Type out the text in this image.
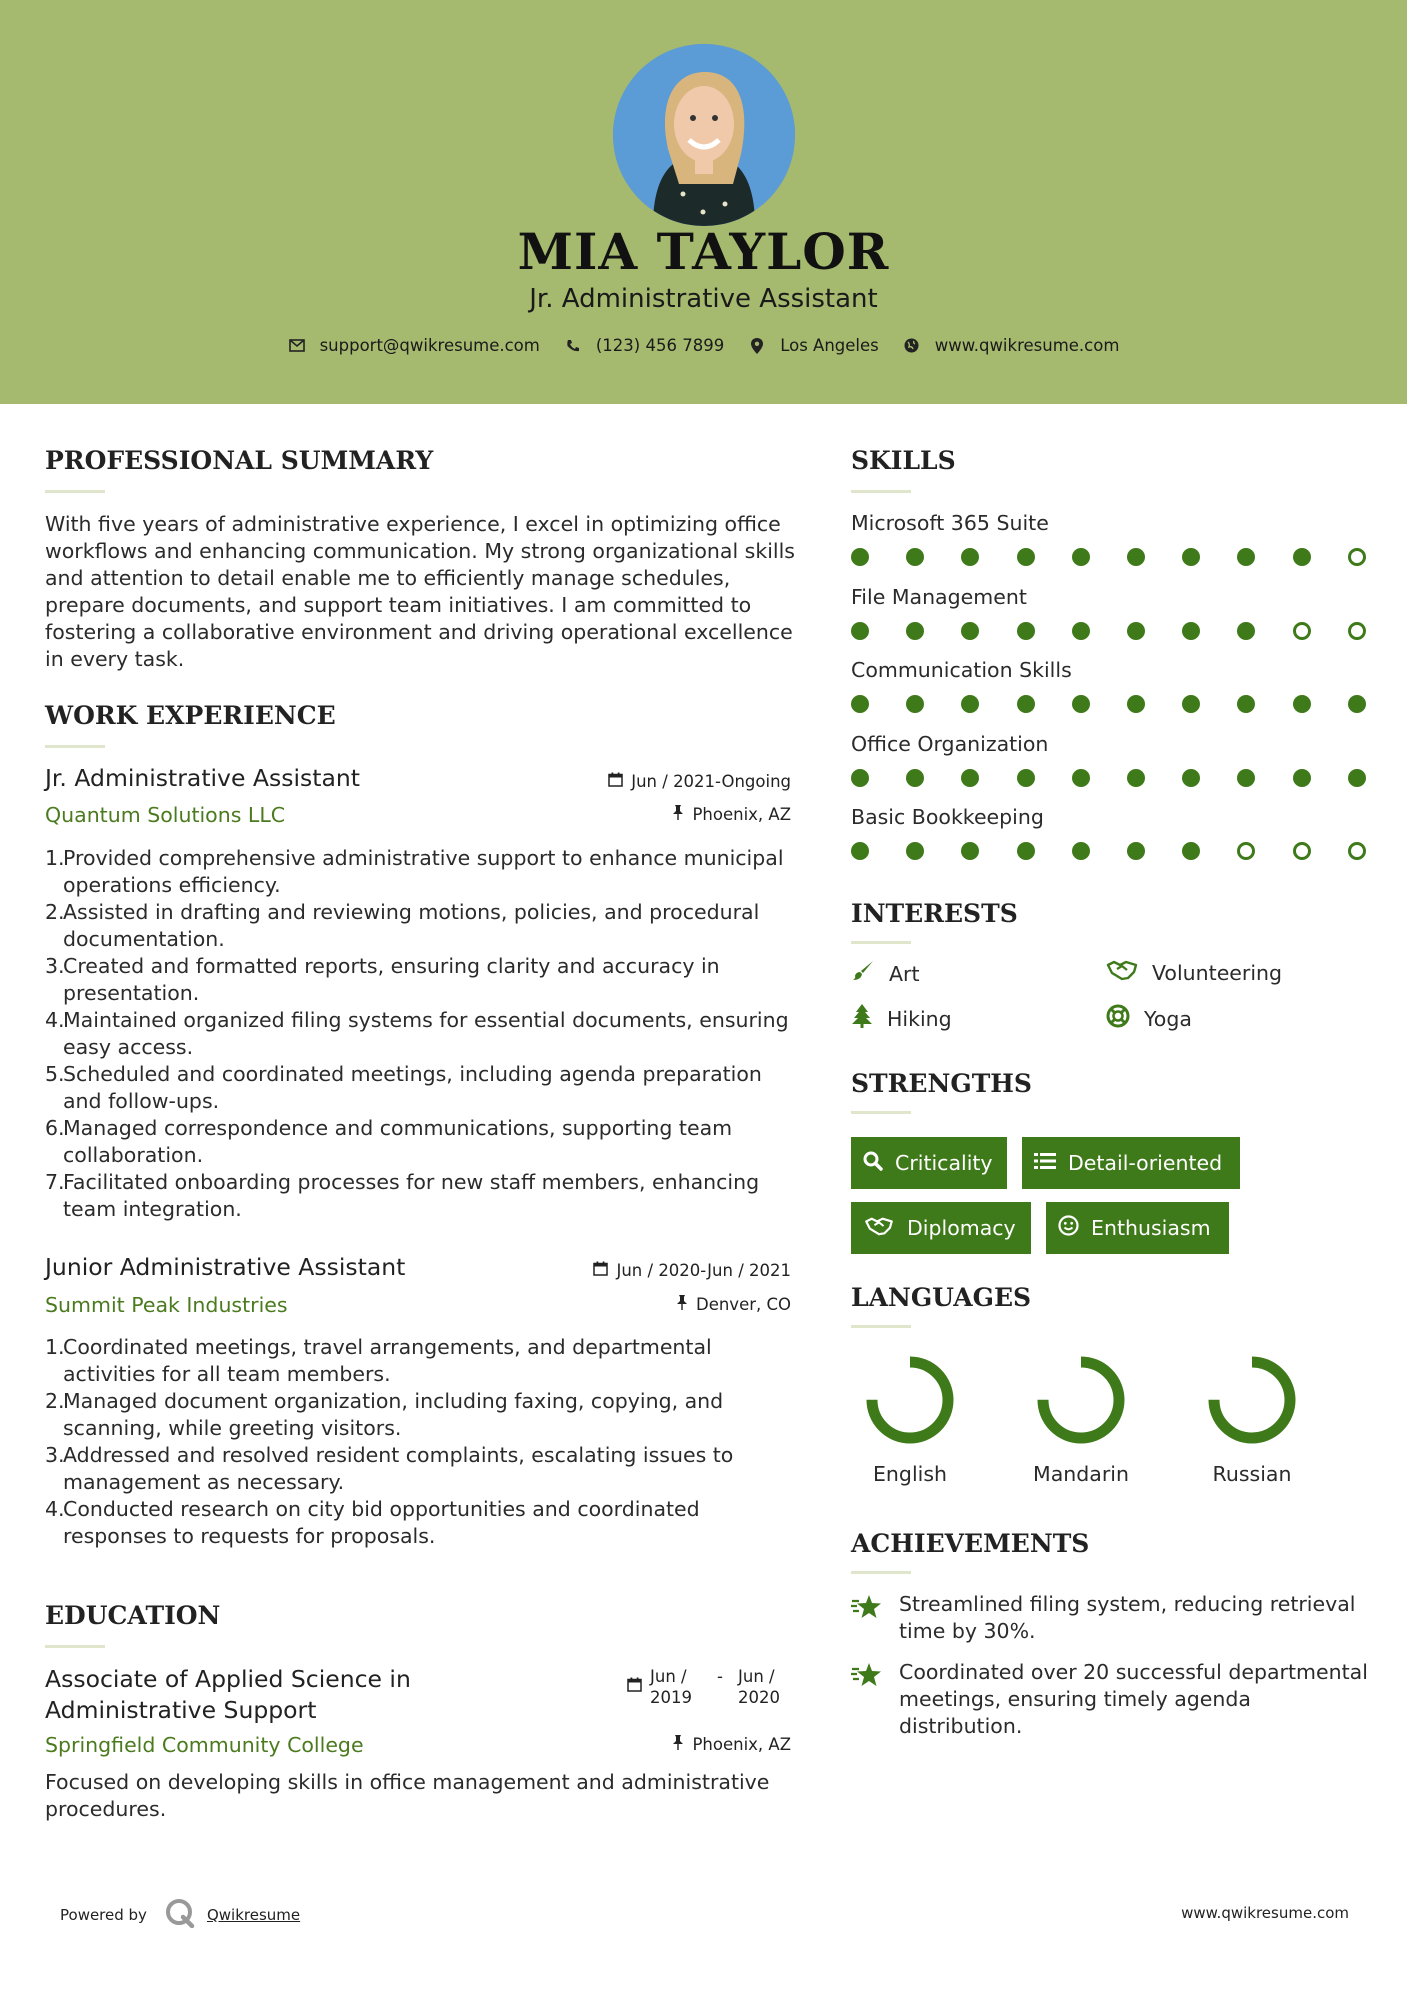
MIA TAYLOR
Jr. Administrative Assistant
support@qwikresume.com	(123) 456 7899	Los Angeles	www.qwikresume.com
PROFESSIONAL SUMMARY
With five years of administrative experience, I excel in optimizing office workflows and enhancing communication. My strong organizational skills and attention to detail enable me to efficiently manage schedules, prepare documents, and support team initiatives. I am committed to fostering a collaborative environment and driving operational excellence in every task.
WORK EXPERIENCE
Jr. Administrative Assistant	Jun / 2021-Ongoing
Quantum Solutions LLC	Phoenix, AZ
1.
Provided comprehensive administrative support to enhance municipal operations efficiency.
2.
Assisted in drafting and reviewing motions, policies, and procedural documentation.
3.
Created and formatted reports, ensuring clarity and accuracy in presentation.
4.
Maintained organized filing systems for essential documents, ensuring easy access.
5.
Scheduled and coordinated meetings, including agenda preparation and follow-ups.
6.
Managed correspondence and communications, supporting team collaboration.
7.
Facilitated onboarding processes for new staff members, enhancing team integration.
Junior Administrative Assistant	Jun / 2020-Jun / 2021
Summit Peak Industries	Denver, CO
1.
Coordinated meetings, travel arrangements, and departmental activities for all team members.
2.
Managed document organization, including faxing, copying, and scanning, while greeting visitors.
3.
Addressed and resolved resident complaints, escalating issues to management as necessary.
4.
Conducted research on city bid opportunities and coordinated responses to requests for proposals.
EDUCATION
Associate of Applied Science in Administrative Support
Jun / 2019
- Jun / 2020
Springfield Community College	Phoenix, AZ
Focused on developing skills in office management and administrative procedures.
SKILLS
Microsoft 365 Suite
File Management
Communication Skills
Office Organization
Basic Bookkeeping
INTERESTS
Art	Volunteering
Hiking	Yoga
STRENGTHS
Criticality	Detail-oriented
Diplomacy	Enthusiasm
LANGUAGES
English	Mandarin	Russian
ACHIEVEMENTS
Streamlined filing system, reducing retrieval time by 30%.
Coordinated over 20 successful departmental meetings, ensuring timely agenda distribution.
Powered by	Qwikresume	www.qwikresume.com
